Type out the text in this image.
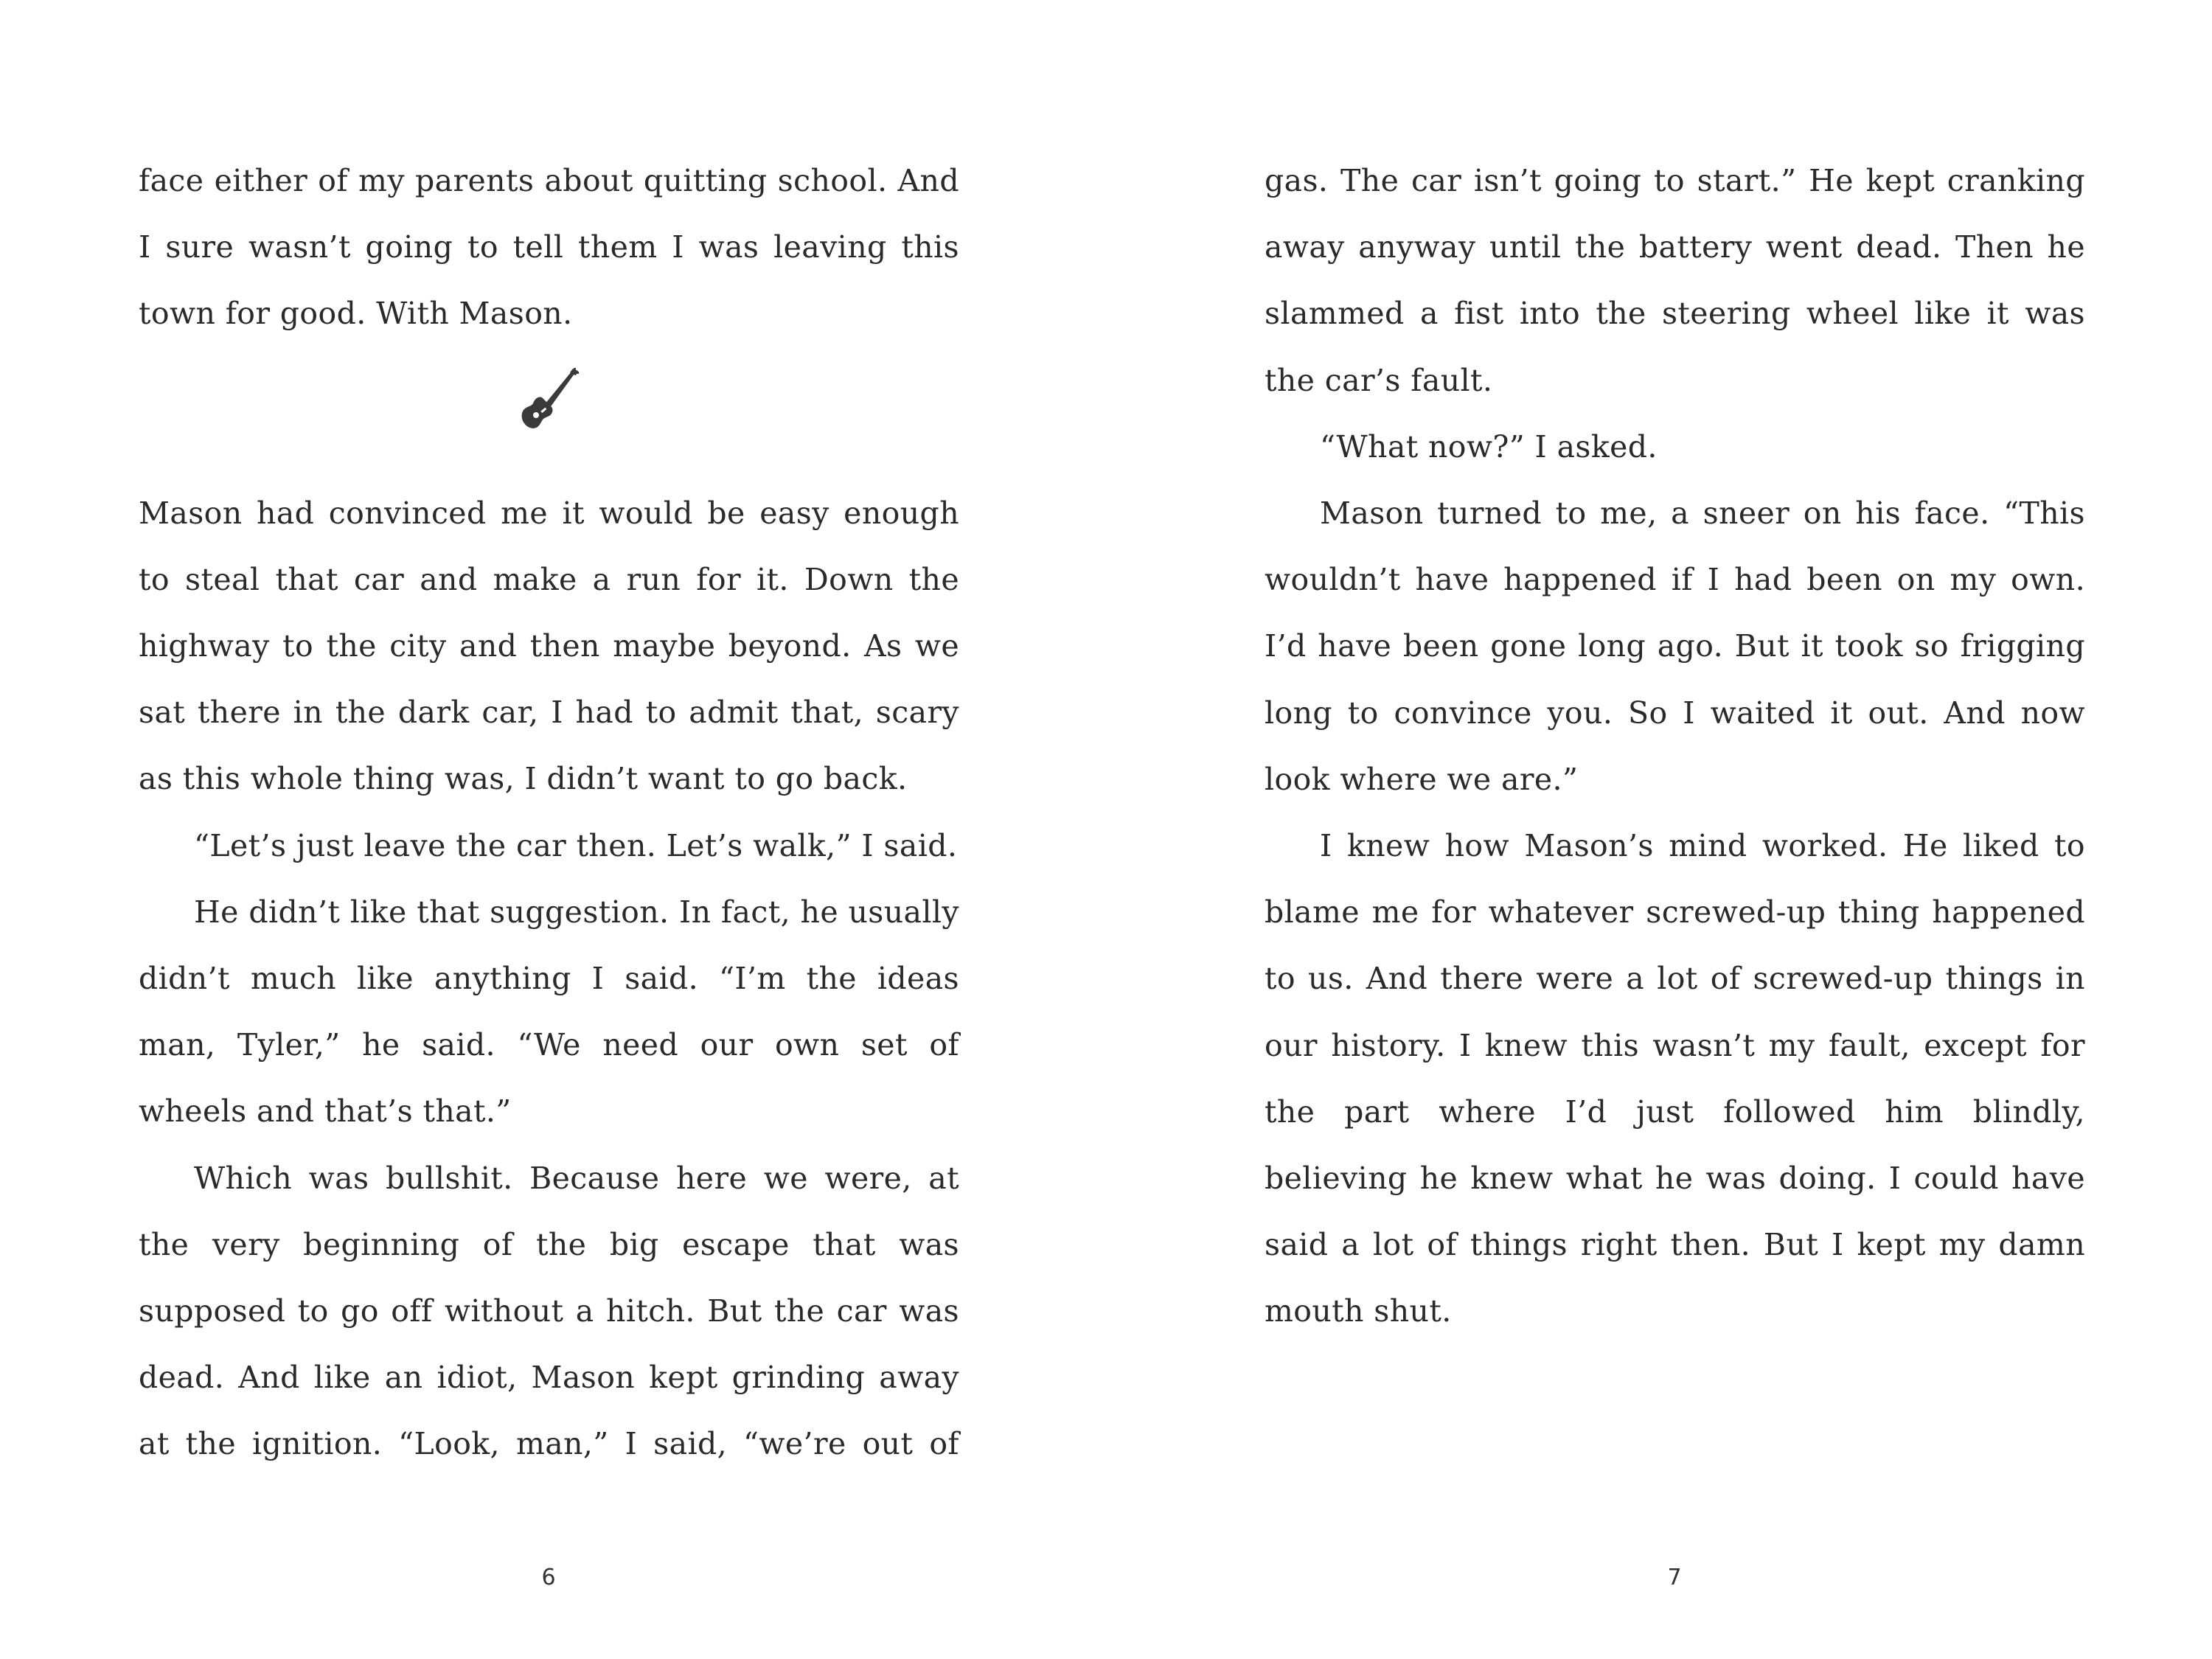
face either of my parents about quitting school. And I sure wasn’t going to tell them I was leaving this town for good. With Mason.

Mason had convinced me it would be easy enough to steal that car and make a run for it. Down the highway to the city and then maybe beyond. As we sat there in the dark car, I had to admit that, scary as this whole thing was, I didn’t want to go back.

“Let’s just leave the car then. Let’s walk,” I said.

He didn’t like that suggestion. In fact, he usually didn’t much like anything I said. “I’m the ideas man, Tyler,” he said. “We need our own set of wheels and that’s that.”

Which was bullshit. Because here we were, at the very beginning of the big escape that was supposed to go off without a hitch. But the car was dead. And like an idiot, Mason kept grinding away at the ignition. “Look, man,” I said, “we’re out of

6

gas. The car isn’t going to start.” He kept cranking away anyway until the battery went dead. Then he slammed a fist into the steering wheel like it was the car’s fault.

“What now?” I asked.

Mason turned to me, a sneer on his face. “This wouldn’t have happened if I had been on my own. I’d have been gone long ago. But it took so frigging long to convince you. So I waited it out. And now look where we are.”

I knew how Mason’s mind worked. He liked to blame me for whatever screwed-up thing happened to us. And there were a lot of screwed-up things in our history. I knew this wasn’t my fault, except for the part where I’d just followed him blindly, believing he knew what he was doing. I could have said a lot of things right then. But I kept my damn mouth shut.

7
